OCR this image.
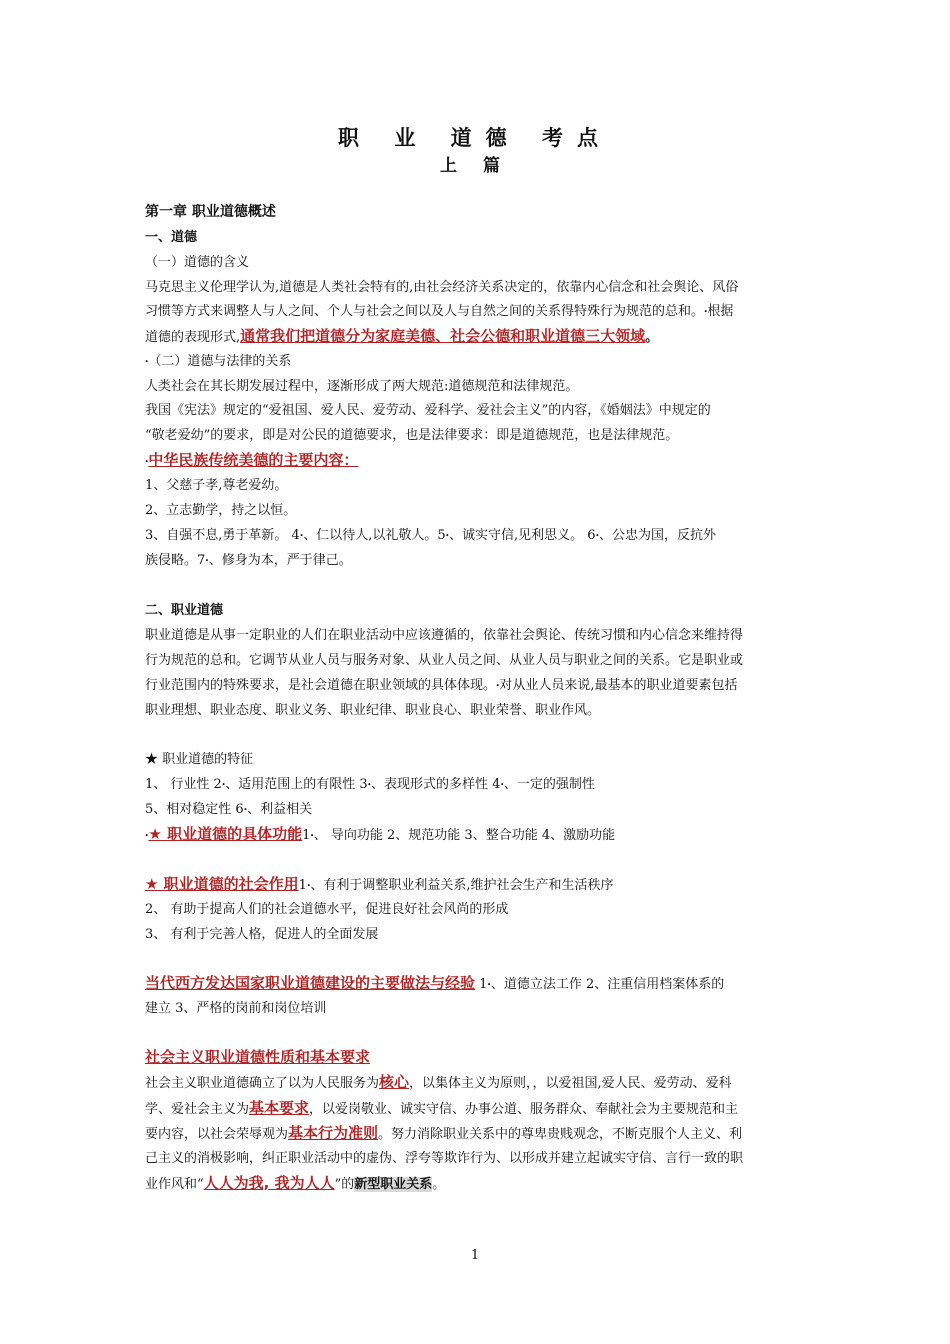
职 业 道德 考点
上 篇
第一章 职业道德概述
一、道德
（一）道德的含义
马克思主义伦理学认为,道德是人类社会特有的,由社会经济关系决定的，依靠内心信念和社会舆论、风俗
习惯等方式来调整人与人之间、个人与社会之间以及人与自然之间的关系得特殊行为规范的总和。ꞏ根据
道德的表现形式,通常我们把道德分为家庭美德、社会公德和职业道德三大领域。
ꞏ（二）道德与法律的关系
人类社会在其长期发展过程中，逐渐形成了两大规范:道德规范和法律规范。
我国《宪法》规定的“爱祖国、爱人民、爱劳动、爱科学、爱社会主义”的内容，《婚姻法》中规定的
“敬老爱幼”的要求，即是对公民的道德要求，也是法律要求：即是道德规范，也是法律规范。
ꞏ中华民族传统美德的主要内容：
1、父慈子孝,尊老爱幼。
2、立志勤学，持之以恒。
3、自强不息,勇于革新。 4ꞏ、仁以待人,以礼敬人。5ꞏ、诚实守信,见利思义。 6ꞏ、公忠为国，反抗外
族侵略。7ꞏ、修身为本，严于律己。
二、职业道德
职业道德是从事一定职业的人们在职业活动中应该遵循的，依靠社会舆论、传统习惯和内心信念来维持得
行为规范的总和。它调节从业人员与服务对象、从业人员之间、从业人员与职业之间的关系。它是职业或
行业范围内的特殊要求，是社会道德在职业领域的具体体现。ꞏ对从业人员来说,最基本的职业道要素包括
职业理想、职业态度、职业义务、职业纪律、职业良心、职业荣誉、职业作风。
★ 职业道德的特征
1、 行业性 2ꞏ、适用范围上的有限性 3ꞏ、表现形式的多样性 4ꞏ、一定的强制性
5、相对稳定性 6ꞏ、利益相关
ꞏ★ 职业道德的具体功能1ꞏ、 导向功能 2、规范功能 3、整合功能 4、激励功能
★ 职业道德的社会作用1ꞏ、有利于调整职业利益关系,维护社会生产和生活秩序
2、 有助于提高人们的社会道德水平，促进良好社会风尚的形成
3、 有利于完善人格，促进人的全面发展
当代西方发达国家职业道德建设的主要做法与经验 1ꞏ、道德立法工作 2、注重信用档案体系的
建立 3、严格的岗前和岗位培训
社会主义职业道德性质和基本要求
社会主义职业道德确立了以为人民服务为核心，以集体主义为原则，，以爱祖国,爱人民、爱劳动、爱科
学、爱社会主义为基本要求，以爱岗敬业、诚实守信、办事公道、服务群众、奉献社会为主要规范和主
要内容，以社会荣辱观为基本行为准则。努力消除职业关系中的尊卑贵贱观念，不断克服个人主义、利
己主义的消极影响，纠正职业活动中的虚伪、浮夸等欺诈行为、以形成并建立起诚实守信、言行一致的职
业作风和“人人为我, 我为人人”的新型职业关系。
1
